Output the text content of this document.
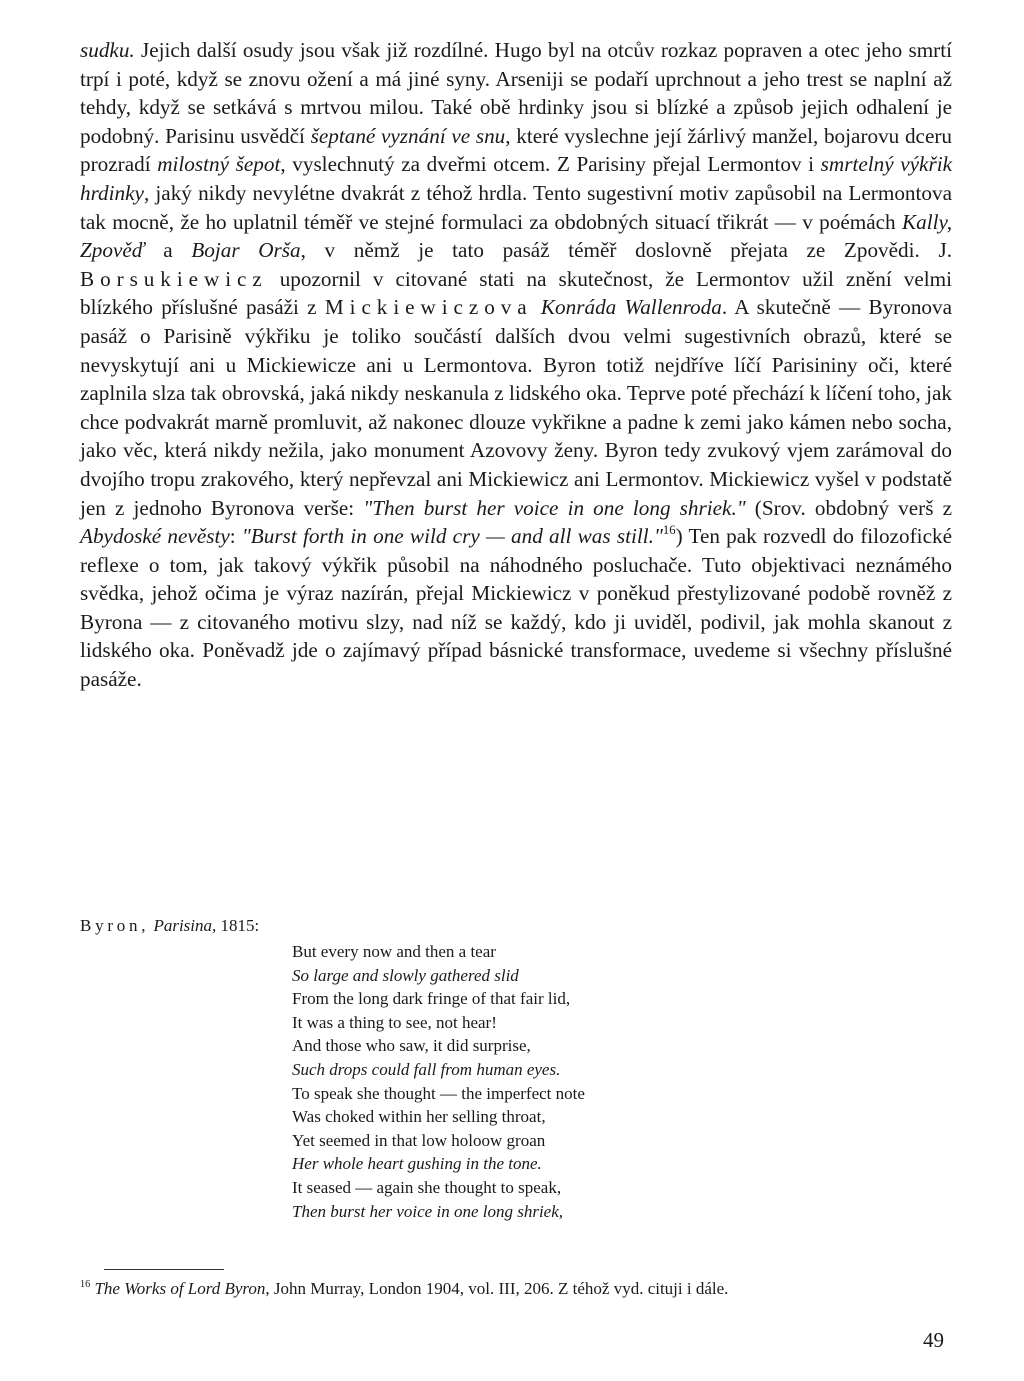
sudku. Jejich další osudy jsou však již rozdílné. Hugo byl na otcův rozkaz popraven a otec jeho smrtí trpí i poté, když se znovu ožení a má jiné syny. Arseniji se podaří uprchnout a jeho trest se naplní až tehdy, když se setkává s mrtvou milou. Také obě hrdinky jsou si blízké a způsob jejich odhalení je podobný. Parisinu usvědčí šeptané vyznání ve snu, které vyslechne její žárlivý manžel, bojarovu dceru prozradí milostný šepot, vyslechnutý za dveřmi otcem. Z Parisiny přejal Lermontov i smrtelný výkřik hrdinky, jaký nikdy nevylétne dvakrát z téhož hrdla. Tento sugestivní motiv zapůsobil na Lermontova tak mocně, že ho uplatnil téměř ve stejné formulaci za obdobných situací třikrát — v poémách Kally, Zpověď a Bojar Orša, v němž je tato pasáž téměř doslovně přejata ze Zpovědi. J. Borsukiewicz upozornil v citované stati na skutečnost, že Lermontov užil znění velmi blízkého příslušné pasáži z Mickiewiczova Konráda Wallenroda. A skutečně — Byronova pasáž o Parisině výkřiku je toliko součástí dalších dvou velmi sugestivních obrazů, které se nevyskytují ani u Mickiewicze ani u Lermontova. Byron totiž nejdříve líčí Parisininy oči, které zaplnila slza tak obrovská, jaká nikdy neskanula z lidského oka. Teprve poté přechází k líčení toho, jak chce podvakrát marně promluvit, až nakonec dlouze vykřikne a padne k zemi jako kámen nebo socha, jako věc, která nikdy nežila, jako monument Azovovy ženy. Byron tedy zvukový vjem zarámoval do dvojího tropu zrakového, který nepřevzal ani Mickiewicz ani Lermontov. Mickiewicz vyšel v podstatě jen z jednoho Byronova verše: "Then burst her voice in one long shriek." (Srov. obdobný verš z Abydoské nevěsty: "Burst forth in one wild cry — and all was still."$^{16}$) Ten pak rozvedl do filozofické reflexe o tom, jak takový výkřik působil na náhodného posluchače. Tuto objektivaci neznámého svědka, jehož očima je výraz nazírán, přejal Mickiewicz v poněkud přestylizované podobě rovněž z Byrona — z citovaného motivu slzy, nad níž se každý, kdo ji uviděl, podivil, jak mohla skanout z lidského oka. Poněvadž jde o zajímavý případ básnické transformace, uvedeme si všechny příslušné pasáže.

Byron, Parisina, 1815:
But every now and then a tear
So large and slowly gathered slid
From the long dark fringe of that fair lid,
It was a thing to see, not hear!
And those who saw, it did surprise,
Such drops could fall from human eyes.
To speak she thought — the imperfect note
Was choked within her selling throat,
Yet seemed in that low holoow groan
Her whole heart gushing in the tone.
It seased — again she thought to speak,
Then burst her voice in one long shriek,
$^{16}$ The Works of Lord Byron, John Murray, London 1904, vol. III, 206. Z téhož vyd. cituji i dále.
49
